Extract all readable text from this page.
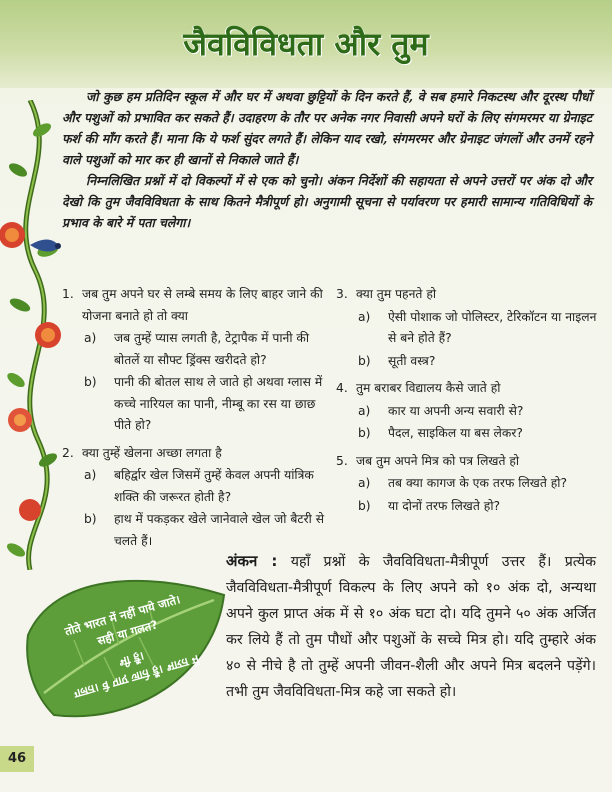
जैवविविधता और तुम

जो कुछ हम प्रतिदिन स्कूल में और घर में अथवा छुट्टियों के दिन करते हैं, वे सब हमारे निकटस्थ और दूरस्थ पौधों और पशुओं को प्रभावित कर सकते हैं। उदाहरण के तौर पर अनेक नगर निवासी अपने घरों के लिए संगमरमर या ग्रेनाइट फर्श की माँग करते हैं। माना कि ये फर्श सुंदर लगते हैं। लेकिन याद रखो, संगमरमर और ग्रेनाइट जंगलों और उनमें रहने वाले पशुओं को मार कर ही खानों से निकाले जाते हैं।

निम्नलिखित प्रश्नों में दो विकल्पों में से एक को चुनो। अंकन निर्देशों की सहायता से अपने उत्तरों पर अंक दो और देखो कि तुम जैवविविधता के साथ कितने मैत्रीपूर्ण हो। अनुगामी सूचना से पर्यावरण पर हमारी सामान्य गतिविधियों के प्रभाव के बारे में पता चलेगा।

1. जब तुम अपने घर से लम्बे समय के लिए बाहर जाने की योजना बनाते हो तो क्या
a)	जब तुम्हें प्यास लगती है, टेट्रापैक में पानी की बोतलें या सौफ्ट ड्रिंक्स खरीदते हो?
b)	पानी की बोतल साथ ले जाते हो अथवा ग्लास में कच्चे नारियल का पानी, नीम्बू का रस या छाछ पीते हो?
2. क्या तुम्हें खेलना अच्छा लगता है
a)	बहिर्द्वार खेल जिसमें तुम्हें केवल अपनी यांत्रिक शक्ति की जरूरत होती है?
b)	हाथ में पकड़कर खेले जानेवाले खेल जो बैटरी से चलते हैं।
3. क्या तुम पहनते हो
a)	ऐसी पोशाक जो पोलिस्टर, टेरिकॉटन या नाइलन से बने होते हैं?
b)	सूती वस्त्र?
4. तुम बराबर विद्यालय कैसे जाते हो
a)	कार या अपनी अन्य सवारी से?
b)	पैदल, साइकिल या बस लेकर?
5. जब तुम अपने मित्र को पत्र लिखते हो
a)	तब क्या कागज के एक तरफ लिखते हो?
b)	या दोनों तरफ लिखते हो?
तोते भारत में नहीं पाये जाते। सही या गलत?
गलत। वे पाए जाते हैं। भारत में भी हैं।
अंकन : यहाँ प्रश्नों के जैवविविधता-मैत्रीपूर्ण उत्तर हैं। प्रत्येक जैवविविधता-मैत्रीपूर्ण विकल्प के लिए अपने को १० अंक दो, अन्यथा अपने कुल प्राप्त अंक में से १० अंक घटा दो। यदि तुमने ५० अंक अर्जित कर लिये हैं तो तुम पौधों और पशुओं के सच्चे मित्र हो। यदि तुम्हारे अंक ४० से नीचे है तो तुम्हें अपनी जीवन-शैली और अपने मित्र बदलने पड़ेंगे। तभी तुम जैवविविधता-मित्र कहे जा सकते हो।
46
